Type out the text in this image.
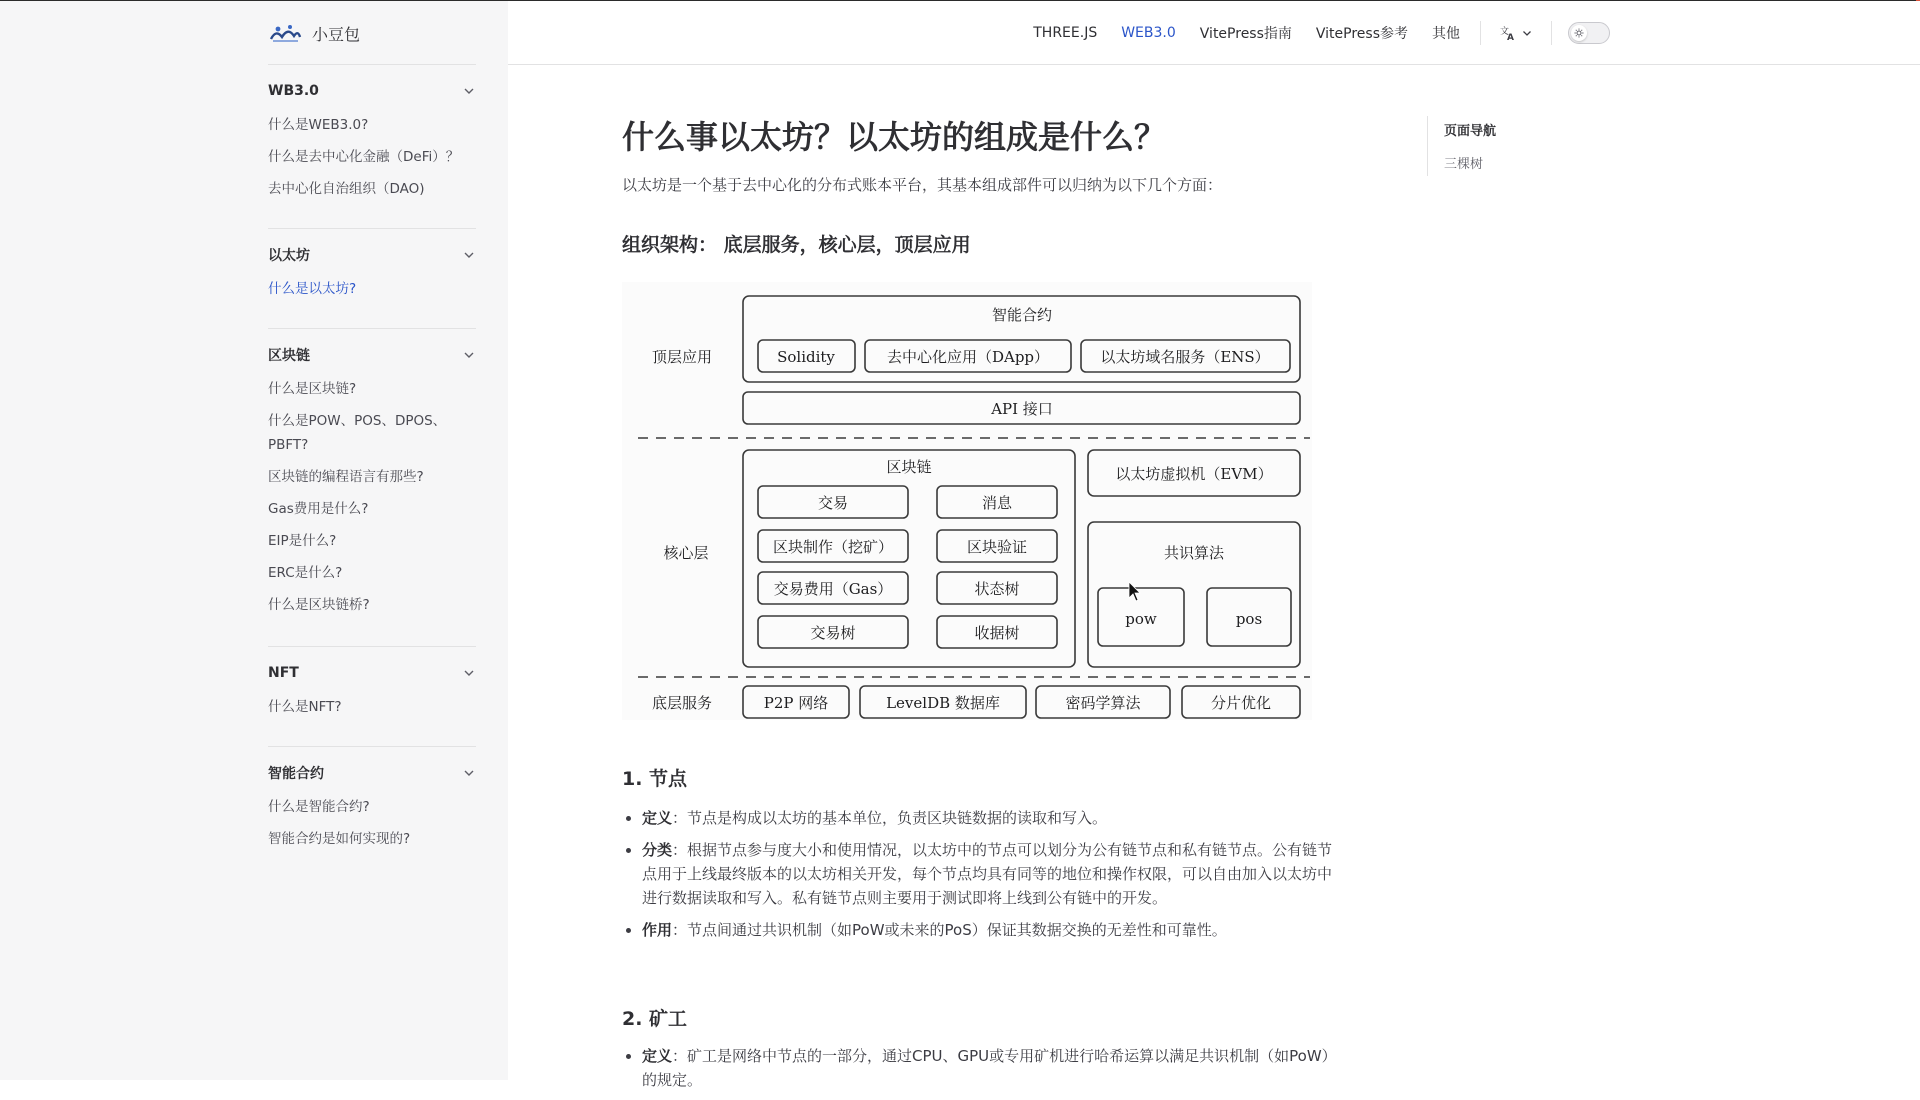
小豆包
WB3.0
什么是WEB3.0?
什么是去中心化金融（DeFi）？
去中心化自治组织（DAO)
以太坊
什么是以太坊?
区块链
什么是区块链?
什么是POW、POS、DPOS、PBFT?
区块链的编程语言有那些?
Gas费用是什么?
EIP是什么?
ERC是什么?
什么是区块链桥?
NFT
什么是NFT?
智能合约
什么是智能合约?
智能合约是如何实现的?
THREE.JS WEB3.0 VitePress指南 VitePress参考 其他	文
A
什么事以太坊？以太坊的组成是什么？

以太坊是一个基于去中心化的分布式账本平台，其基本组成部件可以归纳为以下几个方面：

组织架构： 底层服务，核心层，顶层应用
智能合约
顶层应用	Solidity	去中心化应用（DApp）	以太坊域名服务（ENS）
API 接口
区块链	以太坊虚拟机（EVM）
交易	消息
区块制作（挖矿）	区块验证
核心层	共识算法
交易费用（Gas）	状态树
pow	pos
交易树	收据树
底层服务	P2P 网络	LevelDB 数据库	密码学算法	分片优化
1. 节点
• 定义：节点是构成以太坊的基本单位，负责区块链数据的读取和写入。
• 分类：根据节点参与度大小和使用情况，以太坊中的节点可以划分为公有链节点和私有链节点。公有链节点用于上线最终版本的以太坊相关开发，每个节点均具有同等的地位和操作权限，可以自由加入以太坊中进行数据读取和写入。私有链节点则主要用于测试即将上线到公有链中的开发。
• 作用：节点间通过共识机制（如PoW或未来的PoS）保证其数据交换的无差性和可靠性。
2. 矿工
• 定义：矿工是网络中节点的一部分，通过CPU、GPU或专用矿机进行哈希运算以满足共识机制（如PoW）的规定。
页面导航
三棵树
